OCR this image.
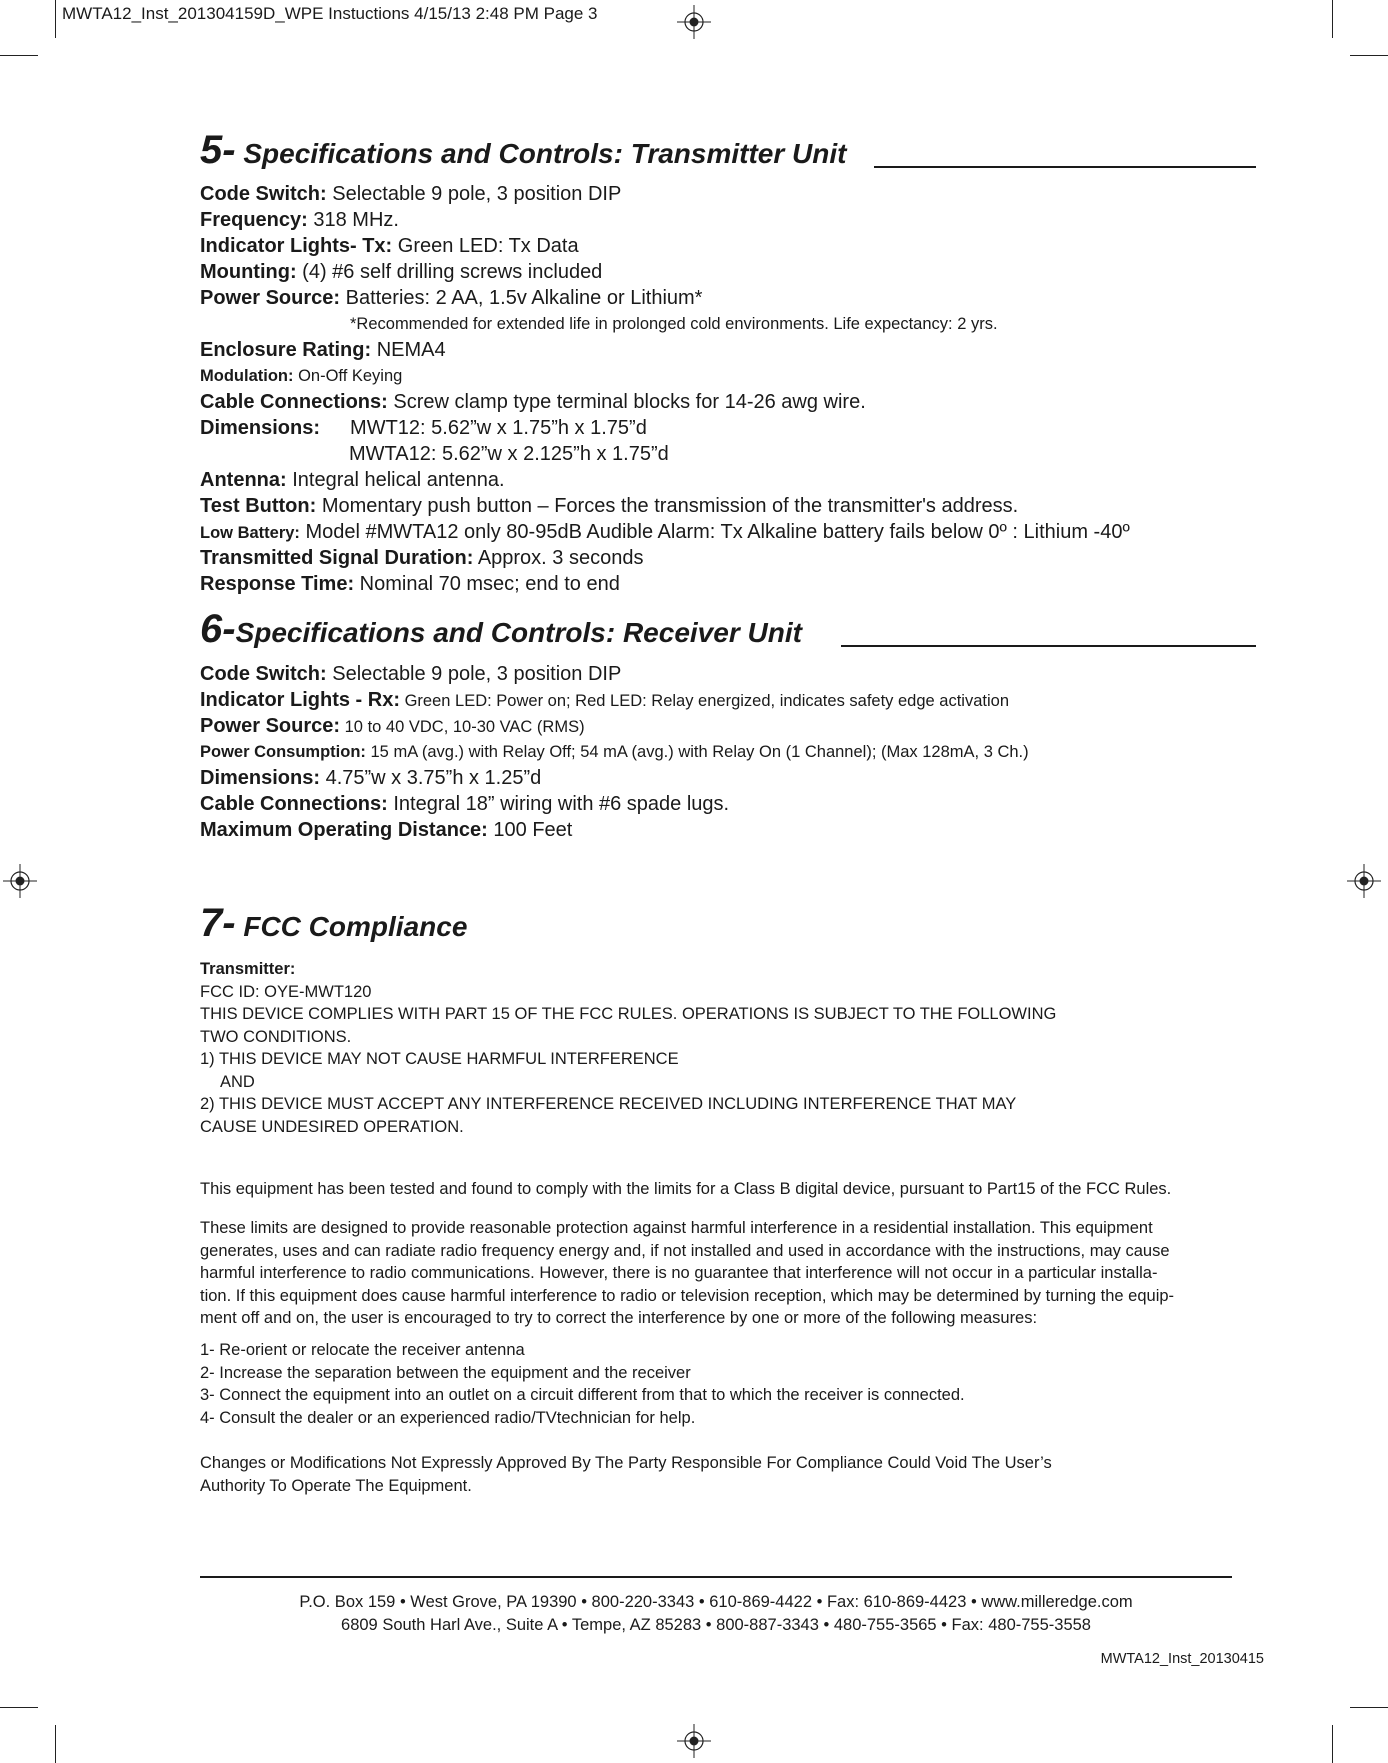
MWTA12_Inst_201304159D_WPE Instuctions 4/15/13 2:48 PM Page 3
5- Specifications and Controls: Transmitter Unit
Code Switch: Selectable 9 pole, 3 position DIP
Frequency: 318 MHz.
Indicator Lights- Tx: Green LED: Tx Data
Mounting: (4) #6 self drilling screws included
Power Source: Batteries: 2 AA, 1.5v Alkaline or Lithium*
*Recommended for extended life in prolonged cold environments. Life expectancy: 2 yrs.
Enclosure Rating: NEMA4
Modulation: On-Off Keying
Cable Connections: Screw clamp type terminal blocks for 14-26 awg wire.
Dimensions: MWT12: 5.62”w x 1.75”h x 1.75”d
MWTA12: 5.62”w x 2.125”h x 1.75”d
Antenna: Integral helical antenna.
Test Button: Momentary push button – Forces the transmission of the transmitter's address.
Low Battery: Model #MWTA12 only 80-95dB Audible Alarm: Tx Alkaline battery fails below 0º : Lithium -40º
Transmitted Signal Duration: Approx. 3 seconds
Response Time: Nominal 70 msec; end to end
6-Specifications and Controls: Receiver Unit
Code Switch: Selectable 9 pole, 3 position DIP
Indicator Lights - Rx: Green LED: Power on; Red LED: Relay energized, indicates safety edge activation
Power Source: 10 to 40 VDC, 10-30 VAC (RMS)
Power Consumption: 15 mA (avg.) with Relay Off; 54 mA (avg.) with Relay On (1 Channel); (Max 128mA, 3 Ch.)
Dimensions: 4.75”w x 3.75”h x 1.25”d
Cable Connections: Integral 18” wiring with #6 spade lugs.
Maximum Operating Distance: 100 Feet
7- FCC Compliance
Transmitter:
FCC ID: OYE-MWT120
THIS DEVICE COMPLIES WITH PART 15 OF THE FCC RULES. OPERATIONS IS SUBJECT TO THE FOLLOWING
TWO CONDITIONS.
1) THIS DEVICE MAY NOT CAUSE HARMFUL INTERFERENCE
AND
2) THIS DEVICE MUST ACCEPT ANY INTERFERENCE RECEIVED INCLUDING INTERFERENCE THAT MAY
CAUSE UNDESIRED OPERATION.
This equipment has been tested and found to comply with the limits for a Class B digital device, pursuant to Part15 of the FCC Rules.
These limits are designed to provide reasonable protection against harmful interference in a residential installation. This equipment
generates, uses and can radiate radio frequency energy and, if not installed and used in accordance with the instructions, may cause
harmful interference to radio communications. However, there is no guarantee that interference will not occur in a particular installa-
tion. If this equipment does cause harmful interference to radio or television reception, which may be determined by turning the equip-
ment off and on, the user is encouraged to try to correct the interference by one or more of the following measures:
1- Re-orient or relocate the receiver antenna
2- Increase the separation between the equipment and the receiver
3- Connect the equipment into an outlet on a circuit different from that to which the receiver is connected.
4- Consult the dealer or an experienced radio/TVtechnician for help.
Changes or Modifications Not Expressly Approved By The Party Responsible For Compliance Could Void The User’s
Authority To Operate The Equipment.
P.O. Box 159 • West Grove, PA 19390 • 800-220-3343 • 610-869-4422 • Fax: 610-869-4423 • www.milleredge.com
6809 South Harl Ave., Suite A • Tempe, AZ 85283 • 800-887-3343 • 480-755-3565 • Fax: 480-755-3558
MWTA12_Inst_20130415
